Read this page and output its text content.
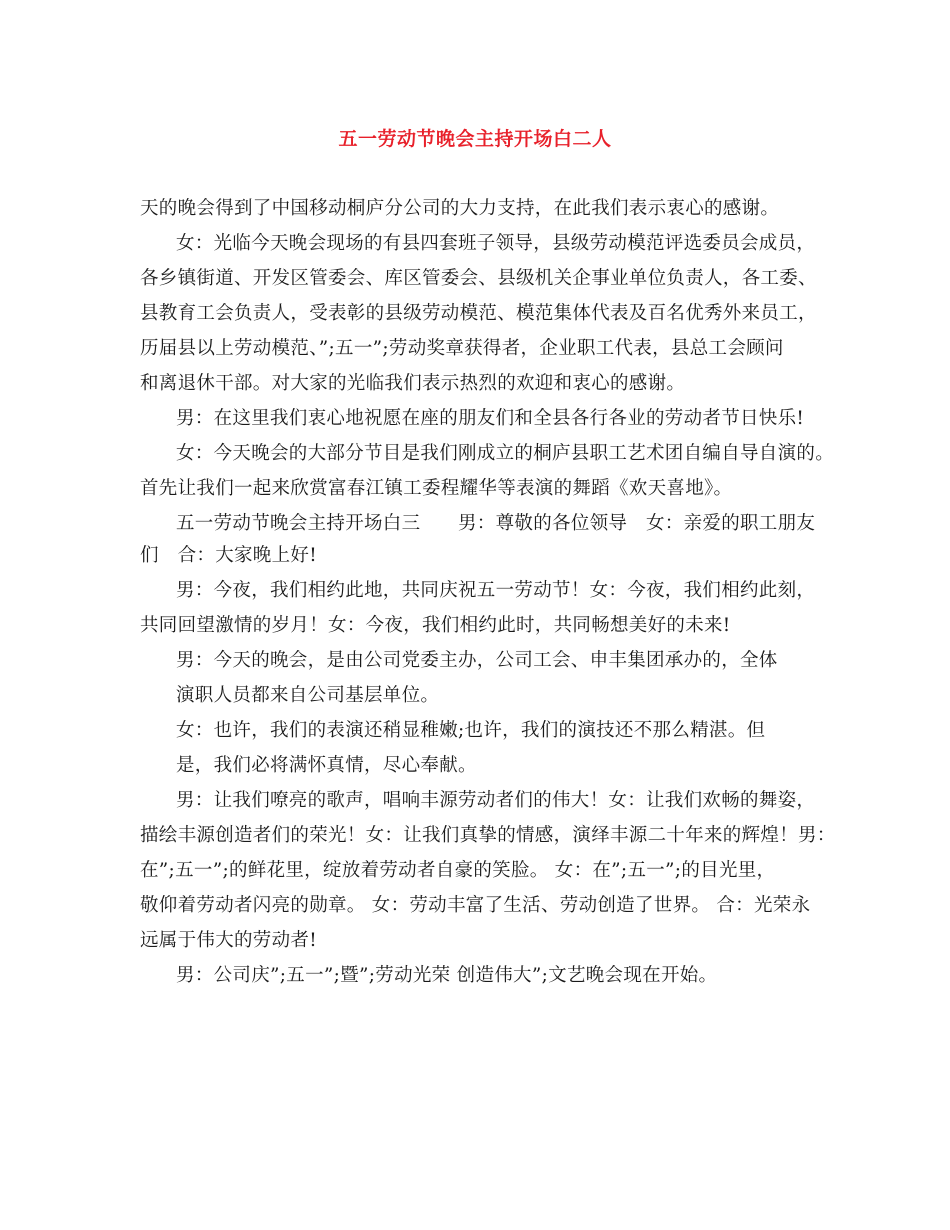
五一劳动节晚会主持开场白二人
天的晚会得到了中国移动桐庐分公司的大力支持，在此我们表示衷心的感谢。
女：光临今天晚会现场的有县四套班子领导，县级劳动模范评选委员会成员，
各乡镇街道、开发区管委会、库区管委会、县级机关企事业单位负责人，各工委、
县教育工会负责人，受表彰的县级劳动模范、模范集体代表及百名优秀外来员工，
历届县以上劳动模范、”;五一”;劳动奖章获得者，企业职工代表，县总工会顾问
和离退休干部。对大家的光临我们表示热烈的欢迎和衷心的感谢。
男：在这里我们衷心地祝愿在座的朋友们和全县各行各业的劳动者节日快乐!
女：今天晚会的大部分节目是我们刚成立的桐庐县职工艺术团自编自导自演的。
首先让我们一起来欣赏富春江镇工委程耀华等表演的舞蹈《欢天喜地》。
五一劳动节晚会主持开场白三　　男：尊敬的各位领导　女：亲爱的职工朋友
们　合：大家晚上好!
男：今夜，我们相约此地，共同庆祝五一劳动节！女：今夜，我们相约此刻，
共同回望激情的岁月！女：今夜，我们相约此时，共同畅想美好的未来!
男：今天的晚会，是由公司党委主办，公司工会、申丰集团承办的，全体
演职人员都来自公司基层单位。
女：也许，我们的表演还稍显稚嫩;也许，我们的演技还不那么精湛。但
是，我们必将满怀真情，尽心奉献。
男：让我们嘹亮的歌声，唱响丰源劳动者们的伟大！女：让我们欢畅的舞姿，
描绘丰源创造者们的荣光！女：让我们真挚的情感，演绎丰源二十年来的辉煌！男：
在”;五一”;的鲜花里，绽放着劳动者自豪的笑脸。 女：在”;五一”;的目光里，
敬仰着劳动者闪亮的勋章。 女：劳动丰富了生活、劳动创造了世界。 合：光荣永
远属于伟大的劳动者!
男：公司庆”;五一”;暨”;劳动光荣 创造伟大”;文艺晚会现在开始。
